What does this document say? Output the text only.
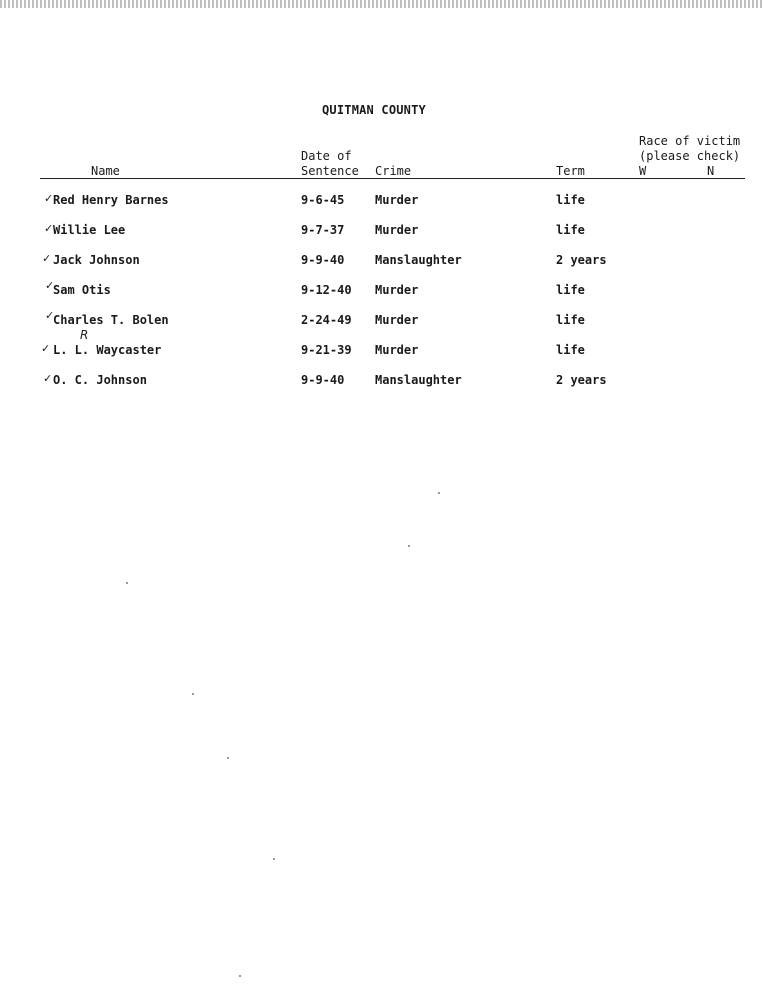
QUITMAN COUNTY
Name
Date of
Sentence Crime	Term
Race of victim
(please check)
W	N
✓ Red Henry Barnes	9-6-45	Murder	life
✓ Willie Lee	9-7-37	Murder	life
✓ Jack Johnson	9-9-40	Manslaughter	2 years
✓
Sam Otis	9-12-40 Murder	life
✓
Charles T. Bolen	2-24-49 Murder	life
R
✓ L. L. Waycaster	9-21-39 Murder	life
✓ O. C. Johnson	9-9-40	Manslaughter	2 years
